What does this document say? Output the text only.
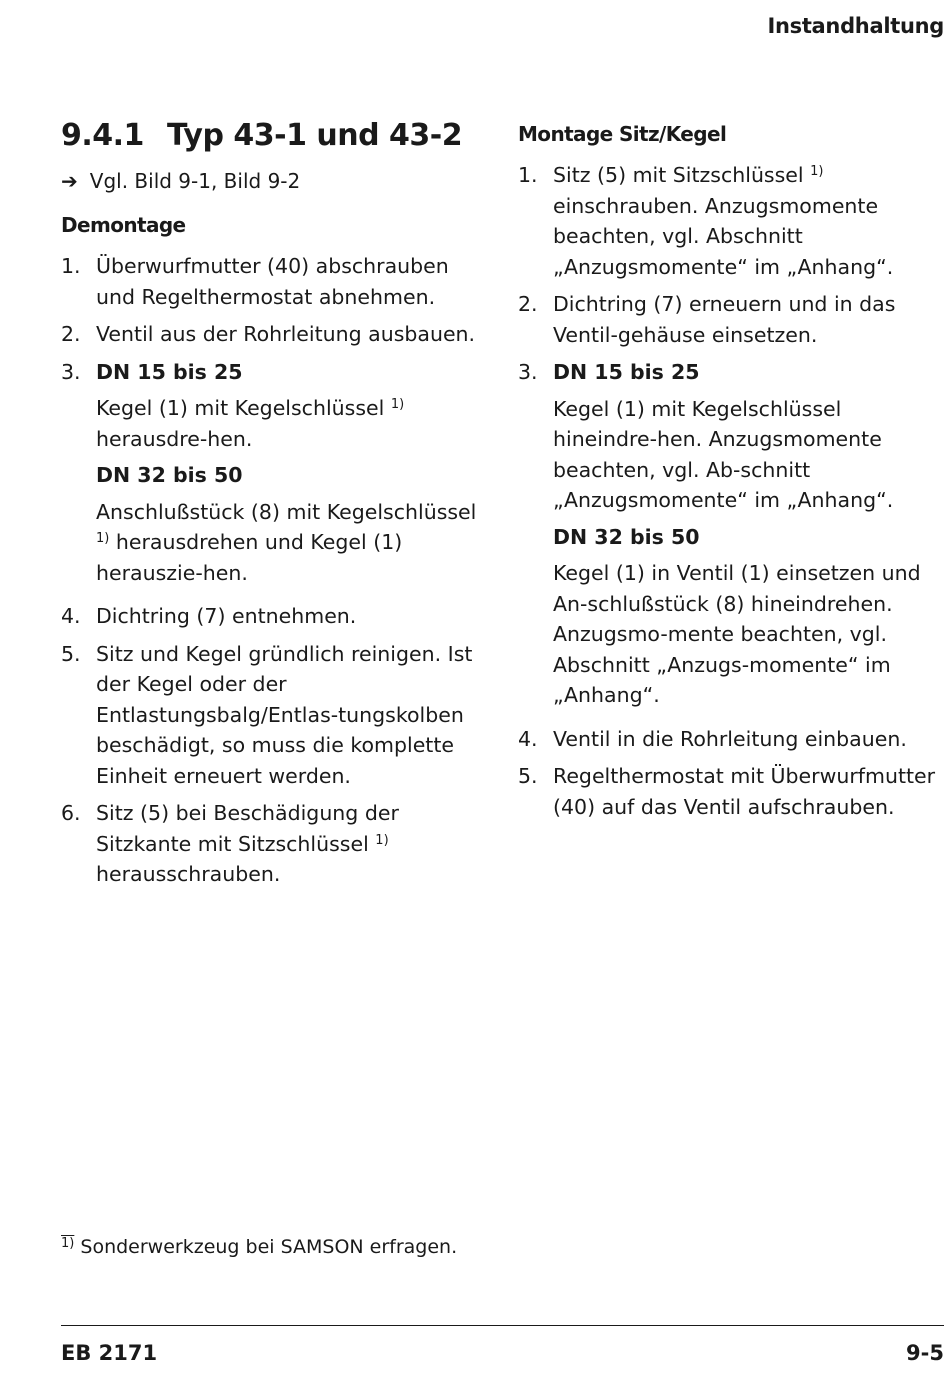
Instandhaltung
9.4.1 Typ 43-1 und 43-2
➔ Vgl. Bild 9-1, Bild 9-2
Demontage
1. Überwurfmutter (40) abschrauben und Regelthermostat abnehmen.
2. Ventil aus der Rohrleitung ausbauen.
3. DN 15 bis 25

Kegel (1) mit Kegelschlüssel $^{1)}$ herausdre-hen.

DN 32 bis 50

Anschlußstück (8) mit Kegelschlüssel $^{1)}$ herausdrehen und Kegel (1) herauszie-hen.

4. Dichtring (7) entnehmen.
5. Sitz und Kegel gründlich reinigen. Ist der Kegel oder der Entlastungsbalg/Entlas-tungskolben beschädigt, so muss die komplette Einheit erneuert werden.
6. Sitz (5) bei Beschädigung der Sitzkante mit Sitzschlüssel $^{1)}$ herausschrauben.
Montage Sitz/Kegel
1. Sitz (5) mit Sitzschlüssel $^{1)}$ einschrauben. Anzugsmomente beachten, vgl. Abschnitt „Anzugsmomente“ im „Anhang“.
2. Dichtring (7) erneuern und in das Ventil-gehäuse einsetzen.
3. DN 15 bis 25

Kegel (1) mit Kegelschlüssel hineindre-hen. Anzugsmomente beachten, vgl. Ab-schnitt „Anzugsmomente“ im „Anhang“.

DN 32 bis 50

Kegel (1) in Ventil (1) einsetzen und An-schlußstück (8) hineindrehen. Anzugsmo-mente beachten, vgl. Abschnitt „Anzugs-momente“ im „Anhang“.

4. Ventil in die Rohrleitung einbauen.
5. Regelthermostat mit Überwurfmutter (40) auf das Ventil aufschrauben.
$^{1)}$ Sonderwerkzeug bei SAMSON erfragen.
EB 2171	9-5
